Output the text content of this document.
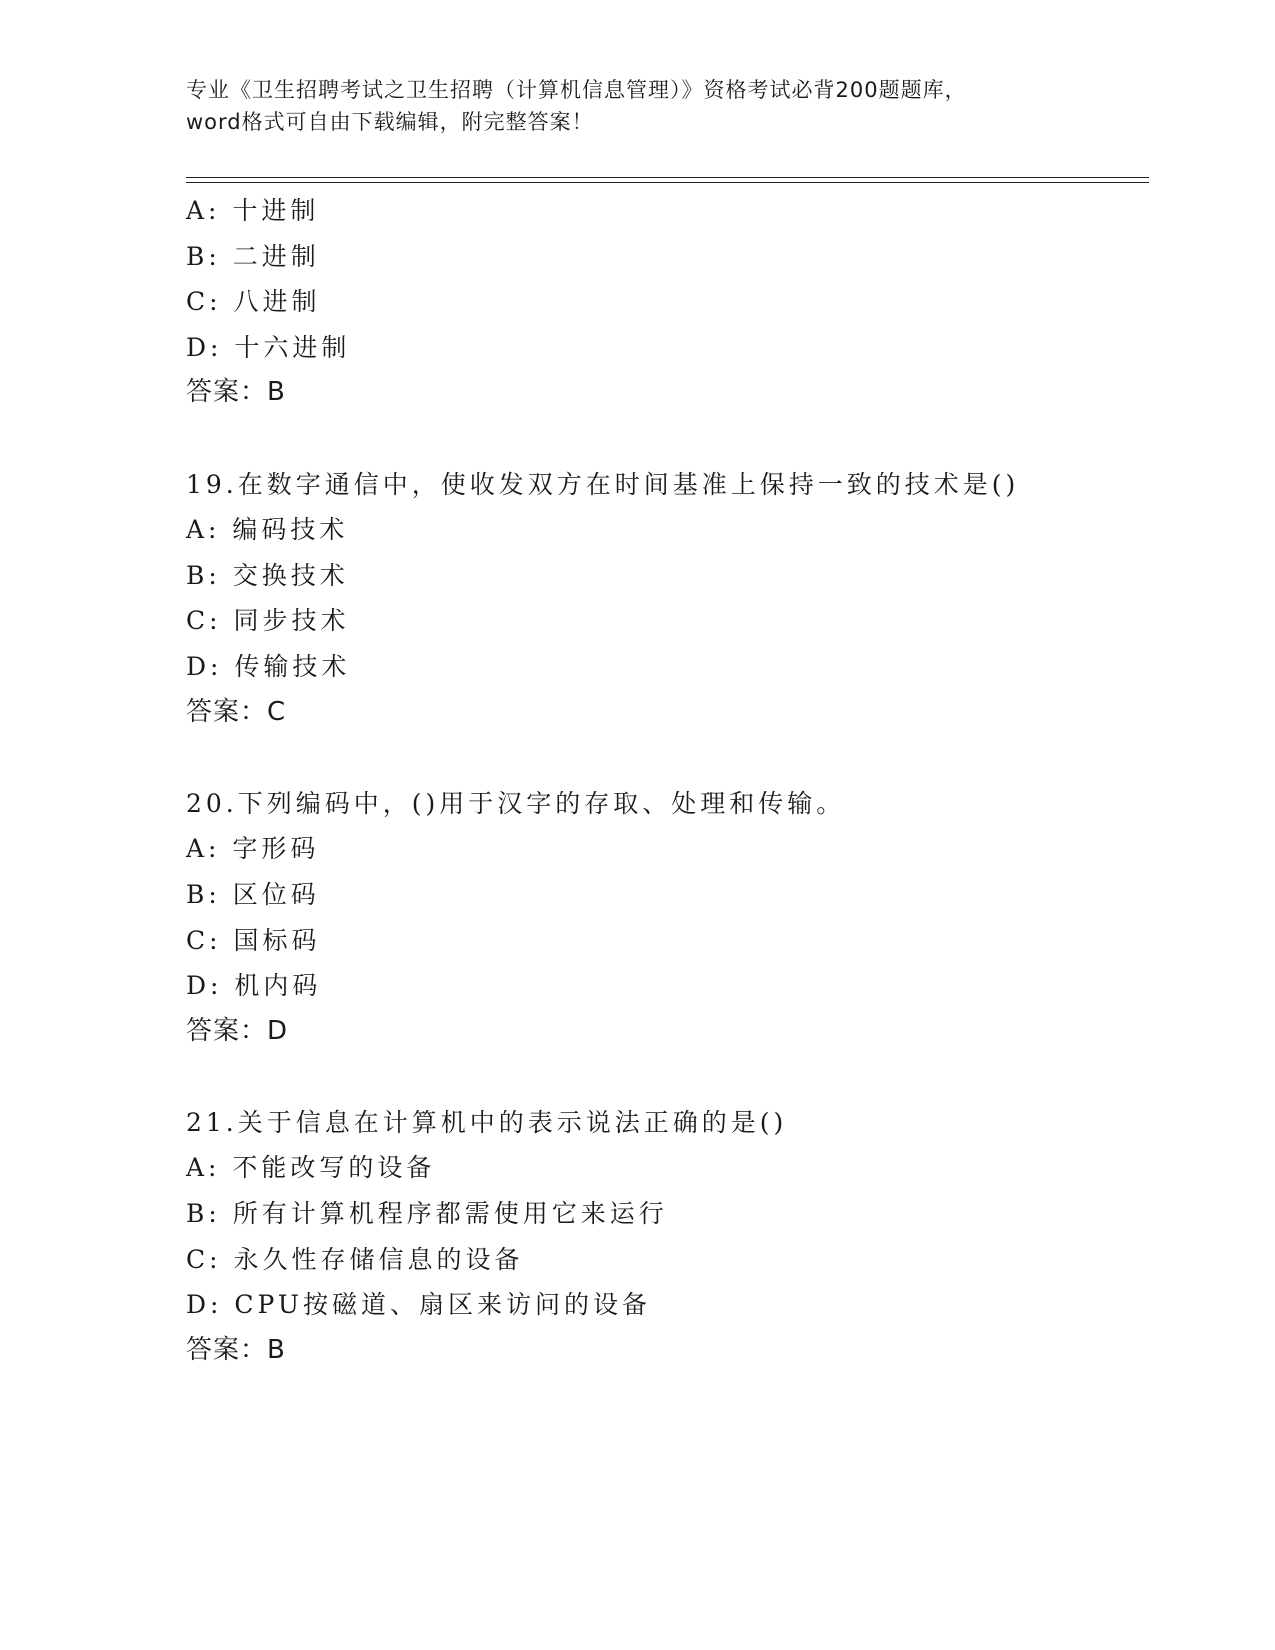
专业《卫生招聘考试之卫生招聘（计算机信息管理）》资格考试必背200题题库，
word格式可自由下载编辑，附完整答案！
A: 十进制
B: 二进制
C: 八进制
D: 十六进制
答案：B
19.在数字通信中，使收发双方在时间基准上保持一致的技术是()
A: 编码技术
B: 交换技术
C: 同步技术
D: 传输技术
答案：C
20.下列编码中，()用于汉字的存取、处理和传输。
A: 字形码
B: 区位码
C: 国标码
D: 机内码
答案：D
21.关于信息在计算机中的表示说法正确的是()
A: 不能改写的设备
B: 所有计算机程序都需使用它来运行
C: 永久性存储信息的设备
D: CPU按磁道、扇区来访问的设备
答案：B
